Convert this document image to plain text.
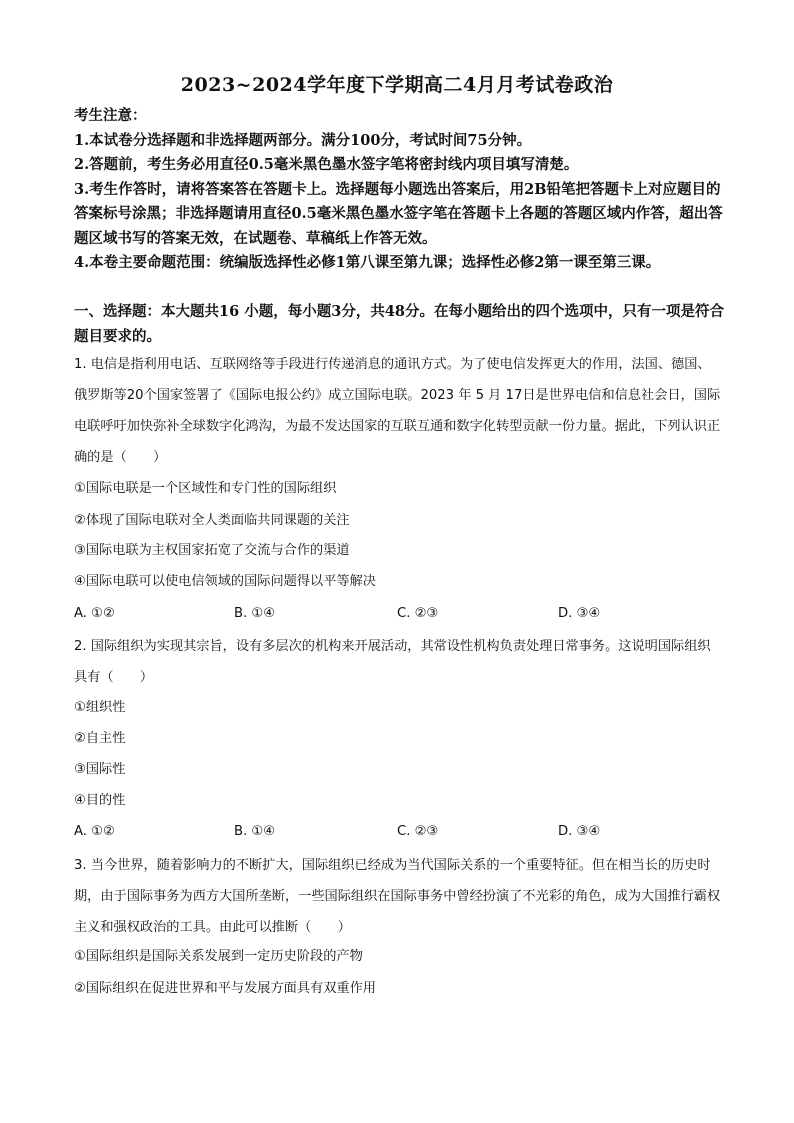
2023~2024学年度下学期高二4月月考试卷政治
考生注意：
1.本试卷分选择题和非选择题两部分。满分100分，考试时间75分钟。
2.答题前，考生务必用直径0.5毫米黑色墨水签字笔将密封线内项目填写清楚。
3.考生作答时，请将答案答在答题卡上。选择题每小题选出答案后，用2B铅笔把答题卡上对应题目的答案标号涂黑；非选择题请用直径0.5毫米黑色墨水签字笔在答题卡上各题的答题区域内作答，超出答题区域书写的答案无效，在试题卷、草稿纸上作答无效。
4.本卷主要命题范围：统编版选择性必修1第八课至第九课；选择性必修2第一课至第三课。
一、选择题：本大题共16 小题，每小题3分，共48分。在每小题给出的四个选项中，只有一项是符合题目要求的。
1. 电信是指利用电话、互联网络等手段进行传递消息的通讯方式。为了使电信发挥更大的作用，法国、德国、俄罗斯等20个国家签署了《国际电报公约》成立国际电联。2023 年 5 月 17日是世界电信和信息社会日，国际电联呼吁加快弥补全球数字化鸿沟，为最不发达国家的互联互通和数字化转型贡献一份力量。据此，下列认识正确的是（　　）
①国际电联是一个区域性和专门性的国际组织
②体现了国际电联对全人类面临共同课题的关注
③国际电联为主权国家拓宽了交流与合作的渠道
④国际电联可以使电信领域的国际问题得以平等解决
A. ①②	B. ①④	C. ②③	D. ③④
2. 国际组织为实现其宗旨，设有多层次的机构来开展活动，其常设性机构负责处理日常事务。这说明国际组织具有（　　）
①组织性
②自主性
③国际性
④目的性
A. ①②	B. ①④	C. ②③	D. ③④
3. 当今世界，随着影响力的不断扩大，国际组织已经成为当代国际关系的一个重要特征。但在相当长的历史时期，由于国际事务为西方大国所垄断，一些国际组织在国际事务中曾经扮演了不光彩的角色，成为大国推行霸权主义和强权政治的工具。由此可以推断（　　）
①国际组织是国际关系发展到一定历史阶段的产物
②国际组织在促进世界和平与发展方面具有双重作用
